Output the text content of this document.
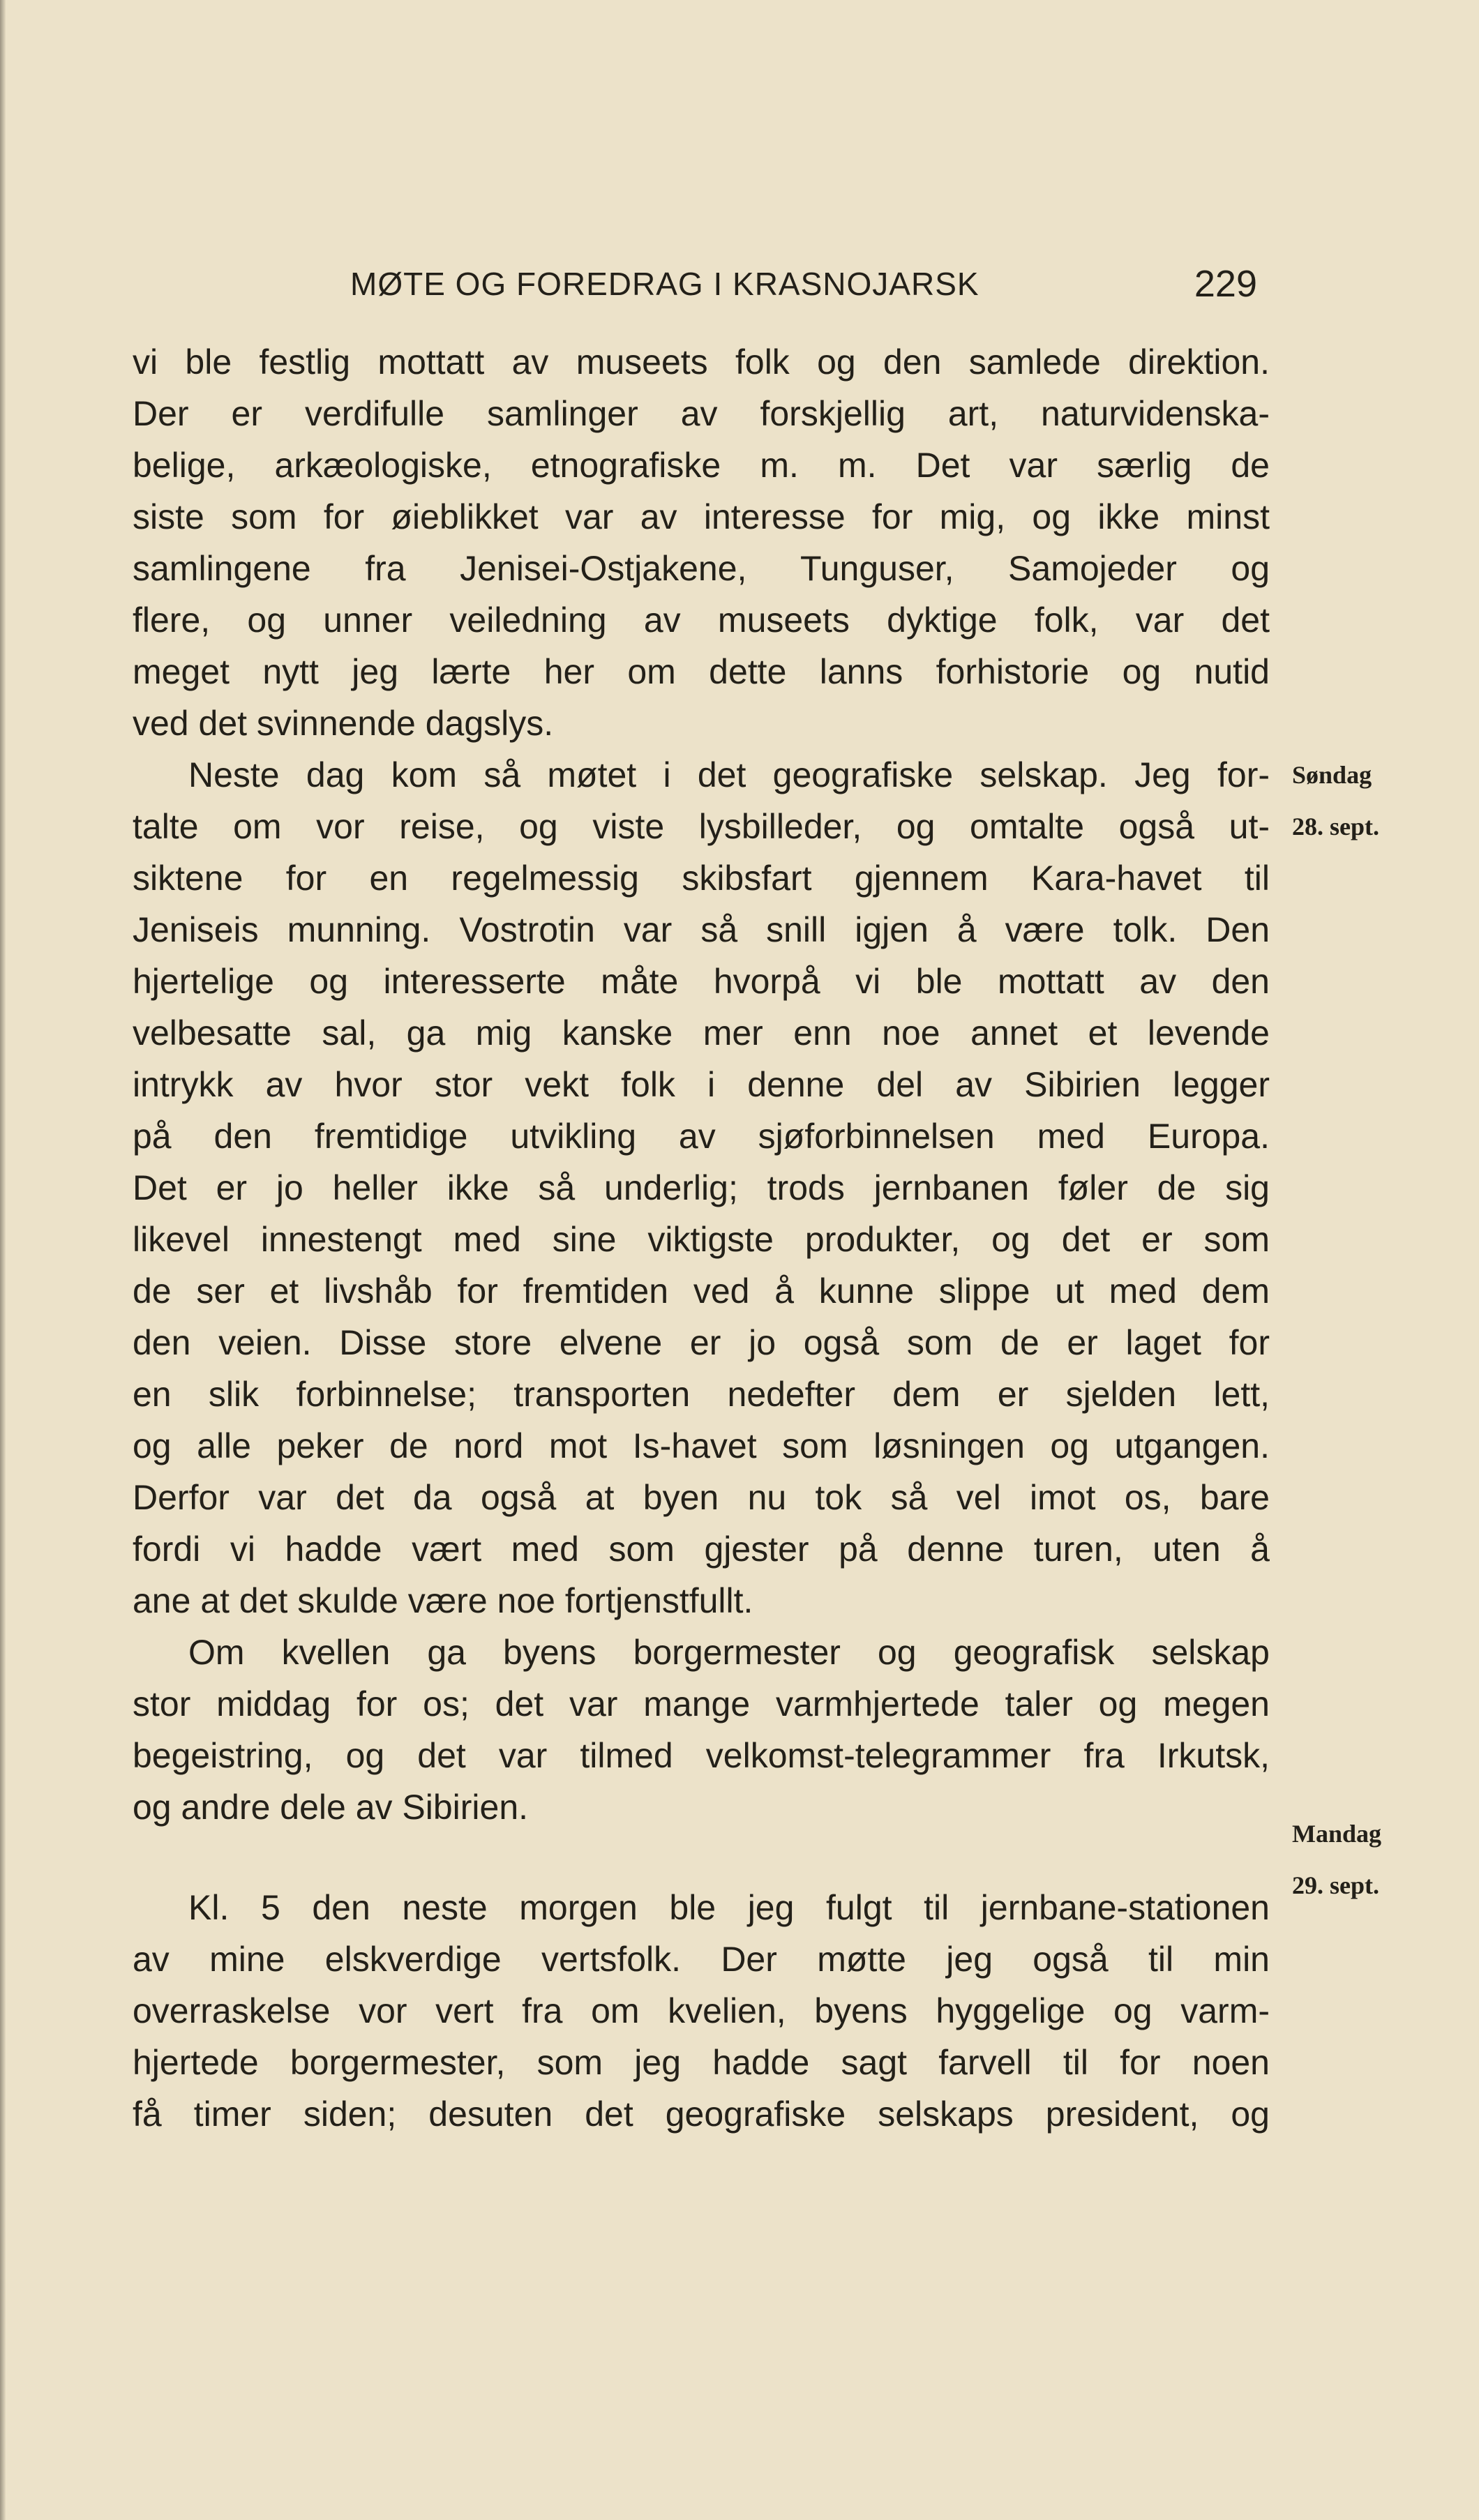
MØTE OG FOREDRAG I KRASNOJARSK	229
vi ble festlig mottatt av museets folk og den samlede direktion.
Der er verdifulle samlinger av forskjellig art, naturvidenska-
belige, arkæologiske, etnografiske m. m. Det var særlig de
siste som for øieblikket var av interesse for mig, og ikke minst
samlingene fra Jenisei-Ostjakene, Tunguser, Samojeder og
flere, og unner veiledning av museets dyktige folk, var det
meget nytt jeg lærte her om dette lanns forhistorie og nutid
ved det svinnende dagslys.
Neste dag kom så møtet i det geografiske selskap. Jeg for-
talte om vor reise, og viste lysbilleder, og omtalte også ut-
siktene for en regelmessig skibsfart gjennem Kara-havet til
Jeniseis munning. Vostrotin var så snill igjen å være tolk. Den
hjertelige og interesserte måte hvorpå vi ble mottatt av den
velbesatte sal, ga mig kanske mer enn noe annet et levende
intrykk av hvor stor vekt folk i denne del av Sibirien legger
på den fremtidige utvikling av sjøforbinnelsen med Europa.
Det er jo heller ikke så underlig; trods jernbanen føler de sig
likevel innestengt med sine viktigste produkter, og det er som
de ser et livshåb for fremtiden ved å kunne slippe ut med dem
den veien. Disse store elvene er jo også som de er laget for
en slik forbinnelse; transporten nedefter dem er sjelden lett,
og alle peker de nord mot Is-havet som løsningen og utgangen.
Derfor var det da også at byen nu tok så vel imot os, bare
fordi vi hadde vært med som gjester på denne turen, uten å
ane at det skulde være noe fortjenstfullt.
Om kvellen ga byens borgermester og geografisk selskap
stor middag for os; det var mange varmhjertede taler og megen
begeistring, og det var tilmed velkomst-telegrammer fra Irkutsk,
og andre dele av Sibirien.
Kl. 5 den neste morgen ble jeg fulgt til jernbane-stationen
av mine elskverdige vertsfolk. Der møtte jeg også til min
overraskelse vor vert fra om kvelien, byens hyggelige og varm-
hjertede borgermester, som jeg hadde sagt farvell til for noen
få timer siden; desuten det geografiske selskaps president, og
Søndag
28. sept.
Mandag
29. sept.
